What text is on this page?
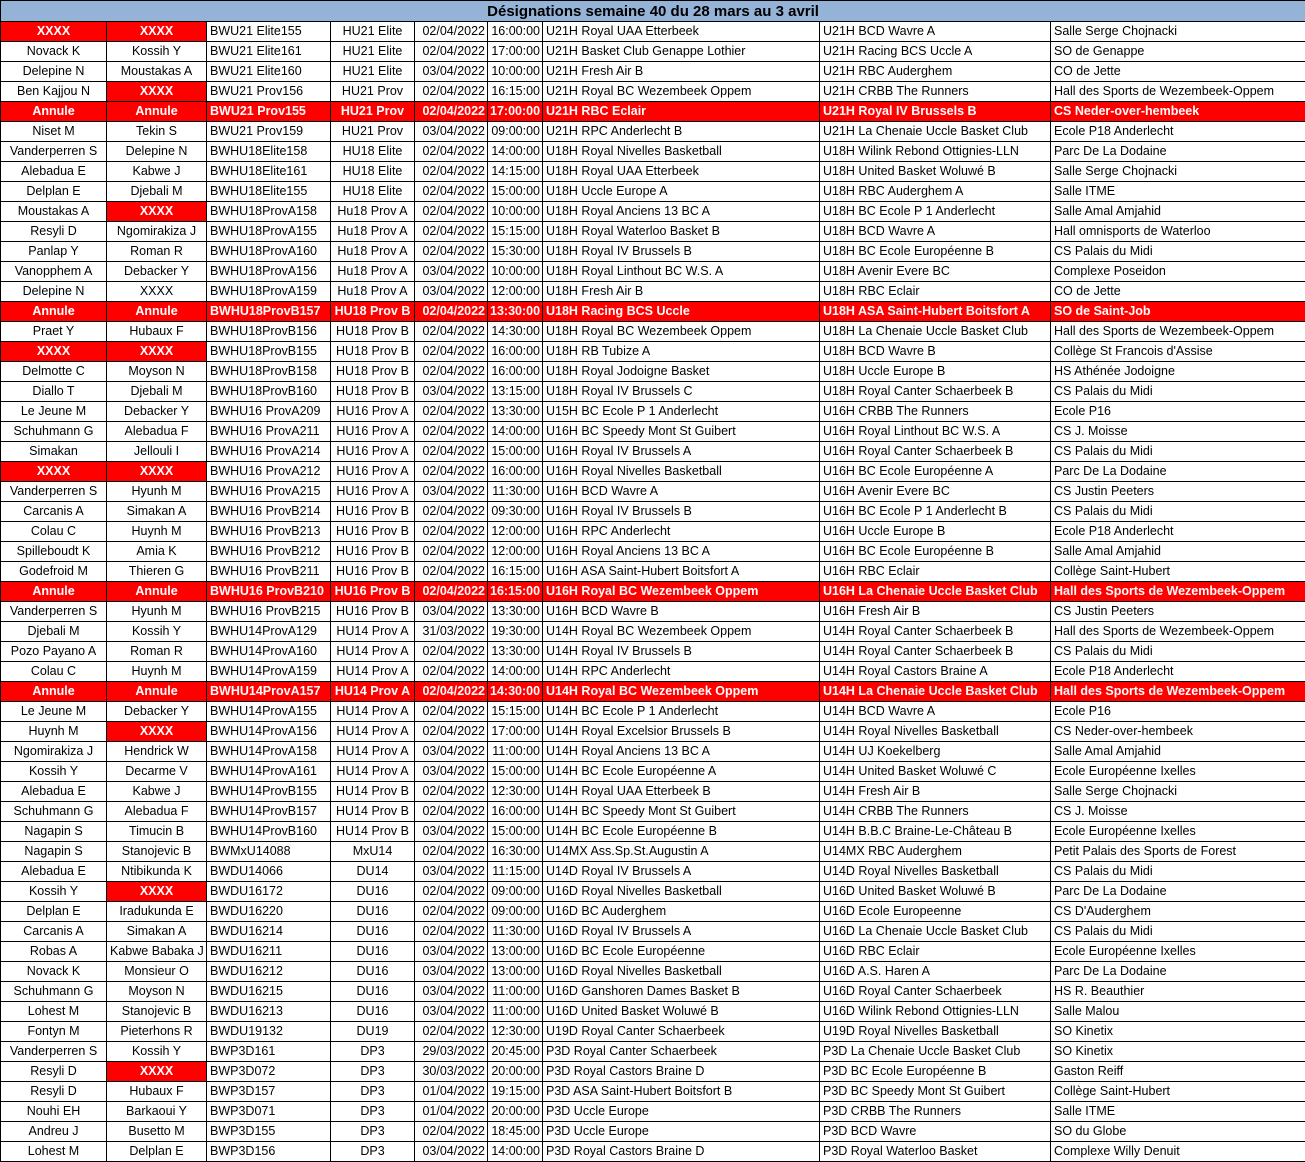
Désignations semaine 40 du 28 mars au 3 avril								
XXXX	XXXX	BWU21 Elite155	HU21 Elite	02/04/2022	16:00:00	U21H Royal UAA Etterbeek	U21H BCD Wavre A	Salle Serge Chojnacki
Novack K	Kossih Y	BWU21 Elite161	HU21 Elite	02/04/2022	17:00:00	U21H Basket Club Genappe Lothier	U21H Racing BCS Uccle A	SO de Genappe
Delepine N	Moustakas A	BWU21 Elite160	HU21 Elite	03/04/2022	10:00:00	U21H Fresh Air B	U21H RBC Auderghem	CO de Jette
Ben Kajjou N	XXXX	BWU21 Prov156	HU21 Prov	02/04/2022	16:15:00	U21H Royal BC Wezembeek Oppem	U21H CRBB The Runners	Hall des Sports de Wezembeek-Oppem
Annule	Annule	BWU21 Prov155	HU21 Prov	02/04/2022	17:00:00	U21H RBC Eclair	U21H Royal IV Brussels B	CS Neder-over-hembeek
Niset M	Tekin S	BWU21 Prov159	HU21 Prov	03/04/2022	09:00:00	U21H RPC Anderlecht B	U21H La Chenaie Uccle Basket Club	Ecole P18 Anderlecht
Vanderperren S	Delepine N	BWHU18Elite158	HU18 Elite	02/04/2022	14:00:00	U18H Royal Nivelles Basketball	U18H Wilink Rebond Ottignies-LLN	Parc De La Dodaine
Alebadua E	Kabwe J	BWHU18Elite161	HU18 Elite	02/04/2022	14:15:00	U18H Royal UAA Etterbeek	U18H United Basket Woluwé B	Salle Serge Chojnacki
Delplan E	Djebali M	BWHU18Elite155	HU18 Elite	02/04/2022	15:00:00	U18H Uccle Europe A	U18H RBC Auderghem A	Salle ITME
Moustakas A	XXXX	BWHU18ProvA158	Hu18 Prov A	02/04/2022	10:00:00	U18H Royal Anciens 13 BC A	U18H BC Ecole P 1 Anderlecht	Salle Amal Amjahid
Resyli D	Ngomirakiza J	BWHU18ProvA155	Hu18 Prov A	02/04/2022	15:15:00	U18H Royal Waterloo Basket B	U18H BCD Wavre A	Hall omnisports de Waterloo
Panlap Y	Roman R	BWHU18ProvA160	Hu18 Prov A	02/04/2022	15:30:00	U18H Royal IV Brussels B	U18H BC Ecole Européenne B	CS Palais du Midi
Vanopphem A	Debacker Y	BWHU18ProvA156	Hu18 Prov A	03/04/2022	10:00:00	U18H Royal Linthout BC W.S. A	U18H Avenir Evere BC	Complexe Poseidon
Delepine N	XXXX	BWHU18ProvA159	Hu18 Prov A	03/04/2022	12:00:00	U18H Fresh Air B	U18H RBC Eclair	CO de Jette
Annule	Annule	BWHU18ProvB157	HU18 Prov B	02/04/2022	13:30:00	U18H Racing BCS Uccle	U18H ASA Saint-Hubert Boitsfort A	SO de Saint-Job
Praet Y	Hubaux F	BWHU18ProvB156	HU18 Prov B	02/04/2022	14:30:00	U18H Royal BC Wezembeek Oppem	U18H La Chenaie Uccle Basket Club	Hall des Sports de Wezembeek-Oppem
XXXX	XXXX	BWHU18ProvB155	HU18 Prov B	02/04/2022	16:00:00	U18H RB Tubize A	U18H BCD Wavre B	Collège St Francois d'Assise
Delmotte C	Moyson N	BWHU18ProvB158	HU18 Prov B	02/04/2022	16:00:00	U18H Royal Jodoigne Basket	U18H Uccle Europe B	HS Athénée Jodoigne
Diallo T	Djebali M	BWHU18ProvB160	HU18 Prov B	03/04/2022	13:15:00	U18H Royal IV Brussels C	U18H Royal Canter Schaerbeek B	CS Palais du Midi
Le Jeune M	Debacker Y	BWHU16 ProvA209	HU16 Prov A	02/04/2022	13:30:00	U15H BC Ecole P 1 Anderlecht	U16H CRBB The Runners	Ecole P16
Schuhmann G	Alebadua F	BWHU16 ProvA211	HU16 Prov A	02/04/2022	14:00:00	U16H BC Speedy Mont St Guibert	U16H Royal Linthout BC W.S. A	CS J. Moisse
Simakan	Jellouli I	BWHU16 ProvA214	HU16 Prov A	02/04/2022	15:00:00	U16H Royal IV Brussels A	U16H Royal Canter Schaerbeek B	CS Palais du Midi
XXXX	XXXX	BWHU16 ProvA212	HU16 Prov A	02/04/2022	16:00:00	U16H Royal Nivelles Basketball	U16H BC Ecole Européenne A	Parc De La Dodaine
Vanderperren S	Hyunh M	BWHU16 ProvA215	HU16 Prov A	03/04/2022	11:30:00	U16H BCD Wavre A	U16H Avenir Evere BC	CS Justin Peeters
Carcanis A	Simakan A	BWHU16 ProvB214	HU16 Prov B	02/04/2022	09:30:00	U16H Royal IV Brussels B	U16H BC Ecole P 1 Anderlecht B	CS Palais du Midi
Colau C	Huynh M	BWHU16 ProvB213	HU16 Prov B	02/04/2022	12:00:00	U16H RPC Anderlecht	U16H Uccle Europe B	Ecole P18 Anderlecht
Spilleboudt K	Amia K	BWHU16 ProvB212	HU16 Prov B	02/04/2022	12:00:00	U16H Royal Anciens 13 BC A	U16H BC Ecole Européenne B	Salle Amal Amjahid
Godefroid M	Thieren G	BWHU16 ProvB211	HU16 Prov B	02/04/2022	16:15:00	U16H ASA Saint-Hubert Boitsfort A	U16H RBC Eclair	Collège Saint-Hubert
Annule	Annule	BWHU16 ProvB210	HU16 Prov B	02/04/2022	16:15:00	U16H Royal BC Wezembeek Oppem	U16H La Chenaie Uccle Basket Club	Hall des Sports de Wezembeek-Oppem
Vanderperren S	Hyunh M	BWHU16 ProvB215	HU16 Prov B	03/04/2022	13:30:00	U16H BCD Wavre B	U16H Fresh Air B	CS Justin Peeters
Djebali M	Kossih Y	BWHU14ProvA129	HU14 Prov A	31/03/2022	19:30:00	U14H Royal BC Wezembeek Oppem	U14H Royal Canter Schaerbeek B	Hall des Sports de Wezembeek-Oppem
Pozo Payano A	Roman R	BWHU14ProvA160	HU14 Prov A	02/04/2022	13:30:00	U14H Royal IV Brussels B	U14H Royal Canter Schaerbeek B	CS Palais du Midi
Colau C	Huynh M	BWHU14ProvA159	HU14 Prov A	02/04/2022	14:00:00	U14H RPC Anderlecht	U14H Royal Castors Braine A	Ecole P18 Anderlecht
Annule	Annule	BWHU14ProvA157	HU14 Prov A	02/04/2022	14:30:00	U14H Royal BC Wezembeek Oppem	U14H La Chenaie Uccle Basket Club	Hall des Sports de Wezembeek-Oppem
Le Jeune M	Debacker Y	BWHU14ProvA155	HU14 Prov A	02/04/2022	15:15:00	U14H BC Ecole P 1 Anderlecht	U14H BCD Wavre A	Ecole P16
Huynh M	XXXX	BWHU14ProvA156	HU14 Prov A	02/04/2022	17:00:00	U14H Royal Excelsior Brussels B	U14H Royal Nivelles Basketball	CS Neder-over-hembeek
Ngomirakiza J	Hendrick W	BWHU14ProvA158	HU14 Prov A	03/04/2022	11:00:00	U14H Royal Anciens 13 BC A	U14H UJ Koekelberg	Salle Amal Amjahid
Kossih Y	Decarme V	BWHU14ProvA161	HU14 Prov A	03/04/2022	15:00:00	U14H BC Ecole Européenne A	U14H United Basket Woluwé C	Ecole Européenne Ixelles
Alebadua E	Kabwe J	BWHU14ProvB155	HU14 Prov B	02/04/2022	12:30:00	U14H Royal UAA Etterbeek B	U14H Fresh Air B	Salle Serge Chojnacki
Schuhmann G	Alebadua F	BWHU14ProvB157	HU14 Prov B	02/04/2022	16:00:00	U14H BC Speedy Mont St Guibert	U14H CRBB The Runners	CS J. Moisse
Nagapin S	Timucin B	BWHU14ProvB160	HU14 Prov B	03/04/2022	15:00:00	U14H BC Ecole Européenne B	U14H B.B.C Braine-Le-Château B	Ecole Européenne Ixelles
Nagapin S	Stanojevic B	BWMxU14088	MxU14	02/04/2022	16:30:00	U14MX Ass.Sp.St.Augustin A	U14MX RBC Auderghem	Petit Palais des Sports de Forest
Alebadua E	Ntibikunda K	BWDU14066	DU14	03/04/2022	11:15:00	U14D Royal IV Brussels A	U14D Royal Nivelles Basketball	CS Palais du Midi
Kossih Y	XXXX	BWDU16172	DU16	02/04/2022	09:00:00	U16D Royal Nivelles Basketball	U16D United Basket Woluwé B	Parc De La Dodaine
Delplan E	Iradukunda E	BWDU16220	DU16	02/04/2022	09:00:00	U16D BC Auderghem	U16D Ecole Europeenne	CS D'Auderghem
Carcanis A	Simakan A	BWDU16214	DU16	02/04/2022	11:30:00	U16D Royal IV Brussels A	U16D La Chenaie Uccle Basket Club	CS Palais du Midi
Robas A	Kabwe Babaka J	BWDU16211	DU16	03/04/2022	13:00:00	U16D BC Ecole Européenne	U16D RBC Eclair	Ecole Européenne Ixelles
Novack K	Monsieur O	BWDU16212	DU16	03/04/2022	13:00:00	U16D Royal Nivelles Basketball	U16D A.S. Haren A	Parc De La Dodaine
Schuhmann G	Moyson N	BWDU16215	DU16	03/04/2022	11:00:00	U16D Ganshoren Dames Basket B	U16D Royal Canter Schaerbeek	HS R. Beauthier
Lohest M	Stanojevic B	BWDU16213	DU16	03/04/2022	11:00:00	U16D United Basket Woluwé B	U16D Wilink Rebond Ottignies-LLN	Salle Malou
Fontyn M	Pieterhons R	BWDU19132	DU19	02/04/2022	12:30:00	U19D Royal Canter Schaerbeek	U19D Royal Nivelles Basketball	SO Kinetix
Vanderperren S	Kossih Y	BWP3D161	DP3	29/03/2022	20:45:00	P3D Royal Canter Schaerbeek	P3D La Chenaie Uccle Basket Club	SO Kinetix
Resyli D	XXXX	BWP3D072	DP3	30/03/2022	20:00:00	P3D Royal Castors Braine D	P3D BC Ecole Européenne B	Gaston Reiff
Resyli D	Hubaux F	BWP3D157	DP3	01/04/2022	19:15:00	P3D ASA Saint-Hubert Boitsfort B	P3D BC Speedy Mont St Guibert	Collège Saint-Hubert
Nouhi EH	Barkaoui Y	BWP3D071	DP3	01/04/2022	20:00:00	P3D Uccle Europe	P3D CRBB The Runners	Salle ITME
Andreu J	Busetto M	BWP3D155	DP3	02/04/2022	18:45:00	P3D Uccle Europe	P3D BCD Wavre	SO du Globe
Lohest M	Delplan E	BWP3D156	DP3	03/04/2022	14:00:00	P3D Royal Castors Braine D	P3D Royal Waterloo Basket	Complexe Willy Denuit
